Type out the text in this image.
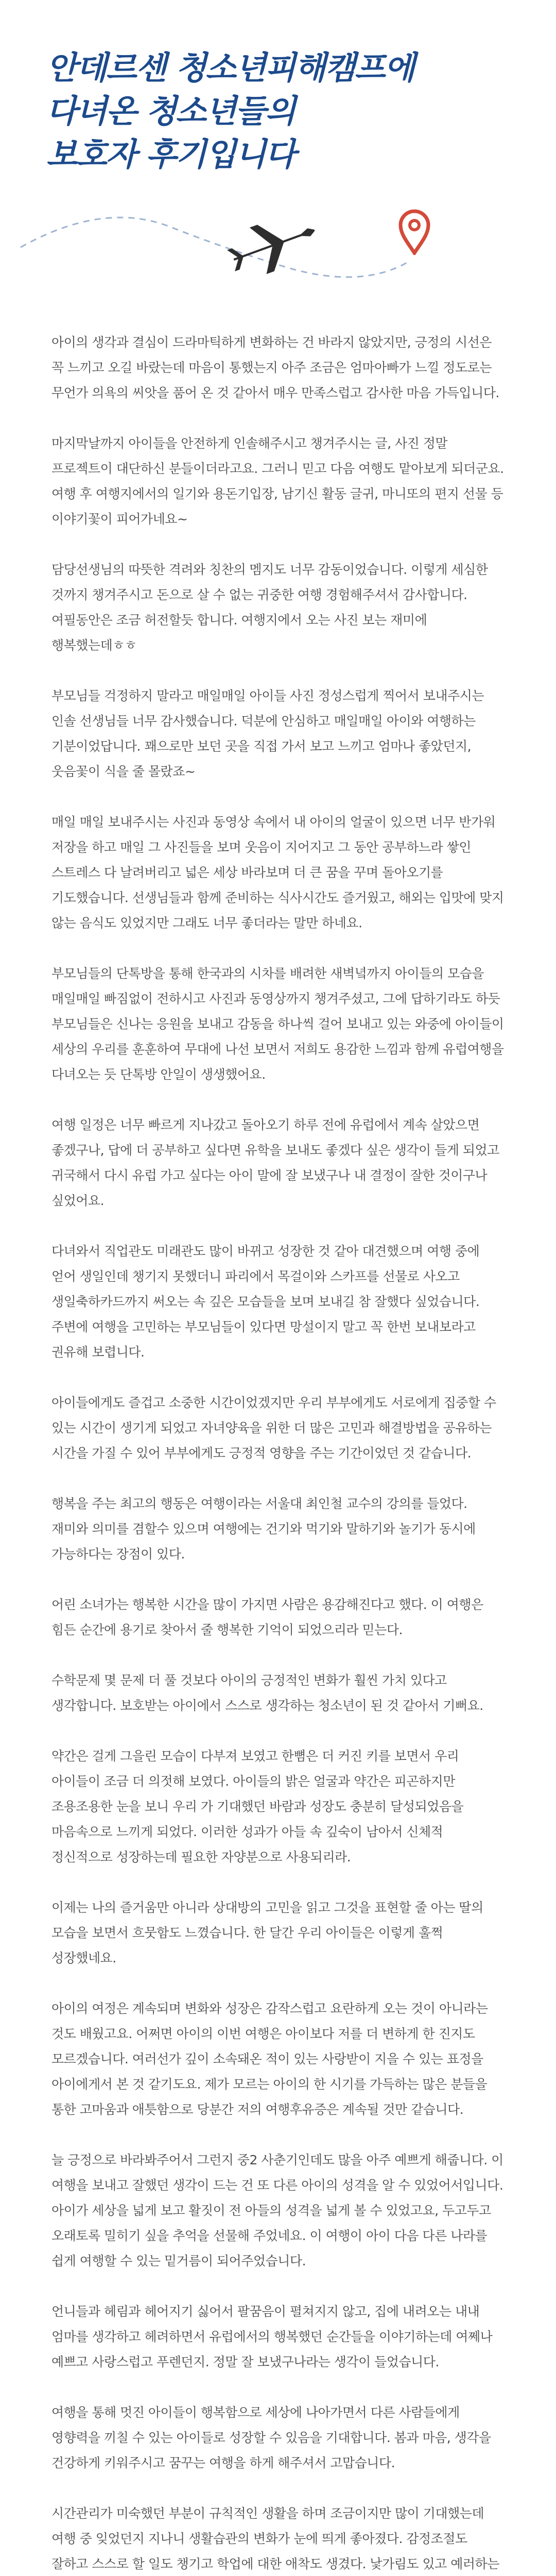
안데르센 청소년피해캠프에
다녀온 청소년들의
보호자 후기입니다

아이의 생각과 결심이 드라마틱하게 변화하는 건 바라지 않았지만, 긍정의 시선은 꼭 느끼고 오길 바랐는데 마음이 통했는지 아주 조금은 엄마아빠가 느낄 정도로는 무언가 의욕의 씨앗을 품어 온 것 같아서 매우 만족스럽고 감사한 마음 가득입니다.

마지막날까지 아이들을 안전하게 인솔해주시고 챙겨주시는 글, 사진 정말 프로젝트이 대단하신 분들이더라고요. 그러니 믿고 다음 여행도 맡아보게 되더군요. 여행 후 여행지에서의 일기와 용돈기입장, 남기신 활동 글귀, 마니또의 편지 선물 등 이야기꽃이 피어가네요~

담당선생님의 따뜻한 격려와 칭찬의 멤지도 너무 감동이었습니다. 이렇게 세심한 것까지 챙겨주시고 돈으로 살 수 없는 귀중한 여행 경험해주셔서 감사합니다. 여필동안은 조금 허전할듯 합니다. 여행지에서 오는 사진 보는 재미에 행복했는데ㅎㅎ

부모님들 걱정하지 말라고 매일매일 아이들 사진 정성스럽게 찍어서 보내주시는 인솔 선생님들 너무 감사했습니다. 덕분에 안심하고 매일매일 아이와 여행하는 기분이었답니다. 꽤으로만 보던 곳을 직접 가서 보고 느끼고 엄마나 좋았던지, 웃음꽃이 식을 줄 몰랐죠~

매일 매일 보내주시는 사진과 동영상 속에서 내 아이의 얼굴이 있으면 너무 반가워 저장을 하고 매일 그 사진들을 보며 웃음이 지어지고 그 동안 공부하느라 쌓인 스트레스 다 날려버리고 넓은 세상 바라보며 더 큰 꿈을 꾸며 돌아오기를 기도했습니다. 선생님들과 함께 준비하는 식사시간도 즐거웠고, 해외는 입맛에 맞지 않는 음식도 있었지만 그래도 너무 좋더라는 말만 하네요.

부모님들의 단톡방을 통해 한국과의 시차를 배려한 새벽녘까지 아이들의 모습을 매일매일 빠짐없이 전하시고 사진과 동영상까지 챙겨주셨고, 그에 답하기라도 하듯 부모님들은 신나는 응원을 보내고 감동을 하나씩 걸어 보내고 있는 와중에 아이들이 세상의 우리를 훈훈하여 무대에 나선 보면서 저희도 용감한 느낌과 함께 유럽여행을 다녀오는 듯 단톡방 안일이 생생했어요.

여행 일정은 너무 빠르게 지나갔고 돌아오기 하루 전에 유럽에서 계속 살았으면 좋겠구나, 답에 더 공부하고 싶다면 유학을 보내도 좋겠다 싶은 생각이 들게 되었고 귀국해서 다시 유럽 가고 싶다는 아이 말에 잘 보냈구나 내 결정이 잘한 것이구나 싶었어요.

다녀와서 직업관도 미래관도 많이 바뀌고 성장한 것 같아 대견했으며 여행 중에 얻어 생일인데 챙기지 못했더니 파리에서 목걸이와 스카프를 선물로 사오고 생일축하카드까지 써오는 속 깊은 모습들을 보며 보내길 참 잘했다 싶었습니다. 주변에 여행을 고민하는 부모님들이 있다면 망설이지 말고 꼭 한번 보내보라고 권유해 보렵니다.

아이들에게도 즐겁고 소중한 시간이었겠지만 우리 부부에게도 서로에게 집중할 수 있는 시간이 생기게 되었고 자녀양육을 위한 더 많은 고민과 해결방법을 공유하는 시간을 가질 수 있어 부부에게도 긍정적 영향을 주는 기간이었던 것 같습니다.

행복을 주는 최고의 행동은 여행이라는 서울대 최인철 교수의 강의를 들었다. 재미와 의미를 겸할수 있으며 여행에는 건기와 먹기와 말하기와 놀기가 동시에 가능하다는 장점이 있다.

어린 소녀가는 행복한 시간을 많이 가지면 사람은 용감해진다고 했다. 이 여행은 힘든 순간에 용기로 찾아서 줄 행복한 기억이 되었으리라 믿는다.

수학문제 몇 문제 더 풀 것보다 아이의 긍정적인 변화가 훨씬 가치 있다고 생각합니다. 보호받는 아이에서 스스로 생각하는 청소년이 된 것 같아서 기뻐요.

약간은 걸게 그을린 모습이 다부져 보였고 한뼘은 더 커진 키를 보면서 우리 아이들이 조금 더 의젓해 보였다. 아이들의 밝은 얼굴과 약간은 피곤하지만 조용조용한 눈을 보니 우리 가 기대했던 바람과 성장도 충분히 달성되었음을 마음속으로 느끼게 되었다. 이러한 성과가 아들 속 깊숙이 남아서 신체적 정신적으로 성장하는데 필요한 자양분으로 사용되리라.

이제는 나의 즐거움만 아니라 상대방의 고민을 읽고 그것을 표현할 줄 아는 딸의 모습을 보면서 흐뭇함도 느꼈습니다. 한 달간 우리 아이들은 이렇게 훌쩍 성장했네요.

아이의 여정은 계속되며 변화와 성장은 감작스럽고 요란하게 오는 것이 아니라는 것도 배웠고요. 어쩌면 아이의 이번 여행은 아이보다 저를 더 변하게 한 진지도 모르겠습니다. 여러선가 깊이 소속돼온 적이 있는 사랑받이 지을 수 있는 표정을 아이에게서 본 것 같기도요. 제가 모르는 아이의 한 시기를 가득하는 많은 분들을 통한 고마움과 애틋함으로 당분간 저의 여행후유증은 계속될 것만 같습니다.

늘 긍정으로 바라봐주어서 그런지 중2 사춘기인데도 많을 아주 예쁘게 해줍니다. 이 여행을 보내고 잘했던 생각이 드는 건 또 다른 아이의 성격을 알 수 있었어서입니다. 아이가 세상을 넓게 보고 활짓이 전 아들의 성격을 넓게 볼 수 있었고요, 두고두고 오래토록 밀히기 싶을 추억을 선물해 주었네요. 이 여행이 아이 다음 다른 나라를 쉽게 여행할 수 있는 밑거름이 되어주었습니다.

언니들과 헤림과 헤어지기 싫어서 팔꿈음이 펼쳐지지 않고, 집에 내려오는 내내 엄마를 생각하고 헤려하면서 유럽에서의 행복했던 순간들을 이야기하는데 여쩨나 예쁘고 사랑스럽고 푸렌던지. 정말 잘 보냈구나라는 생각이 들었습니다.

여행을 통해 멋진 아이들이 행복함으로 세상에 나아가면서 다른 사람들에게 영향력을 끼칠 수 있는 아이들로 성장할 수 있음을 기대합니다. 봄과 마음, 생각을 건강하게 키워주시고 꿈꾸는 여행을 하게 해주셔서 고맙습니다.

시간관리가 미숙했던 부분이 규칙적인 생활을 하며 조금이지만 많이 기대했는데 여행 중 잊었던지 지나니 생활습관의 변화가 눈에 띄게 좋아졌다. 감정조절도 잘하고 스스로 할 일도 챙기고 학업에 대한 애착도 생겼다. 낯가림도 있고 예러하는
